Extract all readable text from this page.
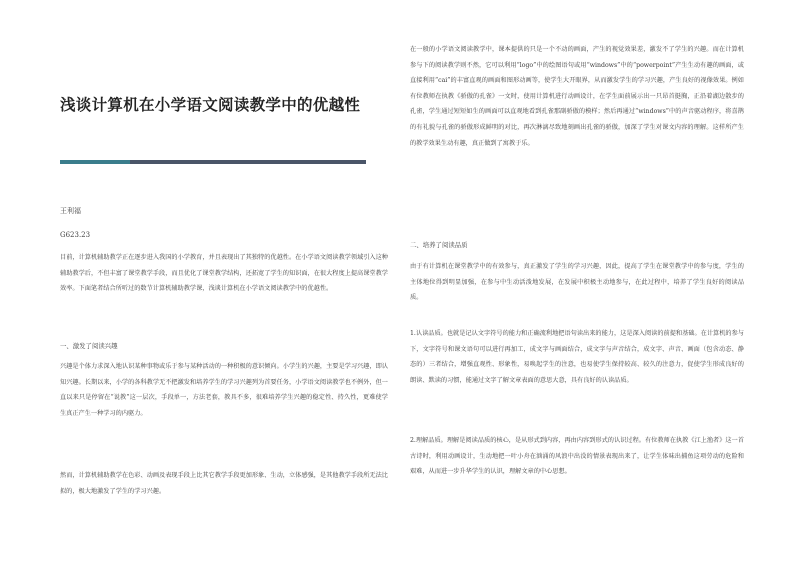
浅谈计算机在小学语文阅读教学中的优越性
王利福
G623.23

目前，计算机辅助教学正在逐步进入我国的小学教育，并且表现出了其独特的优越性。在小学语文阅读教学领域引入这种辅助教学后，不但丰富了课堂教学手段，而且优化了课堂教学结构，还拓宽了学生的知识面，在很大程度上提高课堂教学效率。下面笔者结合所听过的数节计算机辅助教学课，浅谈计算机在小学语文阅读教学中的优越性。

一、激发了阅读兴趣

兴趣是个体力求深入地认识某种事物或乐于参与某种活动的一种积极的意识倾向。小学生的兴趣，主要是学习兴趣，即认知兴趣。长期以来，小学的各科教学无不把激发和培养学生的学习兴趣列为首要任务，小学语文阅读教学也不例外，但一直以来只是停留在“说教”这一层次，手段单一，方法老套，教具不多，很难培养学生兴趣的稳定性、持久性，更难使学生真正产生一种学习的内驱力。

然而，计算机辅助教学在色彩、动画及表现手段上比其它教学手段更加形象、生动，立体感强，是其他教学手段所无法比拟的，极大地激发了学生的学习兴趣。

在一般的小学语文阅读教学中，课本提供的只是一个不动的画面，产生的视觉效果差，激发不了学生的兴趣。而在计算机参与下的阅读教学则不然，它可以利用“logo”中的绘图语句或用“windows”中的“powerpoint”产生生动有趣的画面，或直接利用“cai”的丰富直观的画面和图形动画等，使学生大开眼界，从而激发学生的学习兴趣，产生良好的视像效果。例如有位教师在执教《骄傲的孔雀》一文时，使用计算机进行动画设计，在学生面前展示出一只昂首挺胸，正沿着湖边散步的孔雀，学生通过短短如生的画面可以直观地看到孔雀那副骄傲的模样；然后再通过“windows”中的声音驱动程序，将喜鹊的有礼貌与孔雀的骄傲形成鲜明的对比，再次淋漓尽致地刻画出孔雀的骄傲，加深了学生对课文内容的理解。这样所产生的教学效果生动有趣，真正做到了寓教于乐。

二、培养了阅读品质

由于有计算机在课堂教学中的有效参与，真正激发了学生的学习兴趣，因此，提高了学生在课堂教学中的参与度，学生的主体地位得到明显加强，在参与中生动活泼地发展，在发展中积极主动地参与，在此过程中，培养了学生良好的阅读品质。

1.认读品质。也就是记认文字符号的能力和正确流利地把语句读出来的能力，这是深入阅读的前提和基础。在计算机的参与下，文字符号和课文语句可以进行再加工，成文字与画面结合，成文字与声音结合，成文字、声音、画面（包含动态、静态的）三者结合，增强直观性、形象性，易唤起学生的注意，也易使学生保持较高、较久的注意力，促使学生形成良好的朗读、默读的习惯，能通过文字了解文章表面的意思大意，具有良好的认读品质。

2.理解品质。理解是阅读品质的核心，是从形式到内容，再由内容到形式的认识过程。有位教师在执教《江上渔者》这一首古诗时，利用动画设计，生动地把一叶小舟在汹涌的风浪中出没的情景表现出来了，让学生体味出捕鱼这项劳动的危险和艰难，从而进一步升华学生的认识，理解文章的中心思想。
